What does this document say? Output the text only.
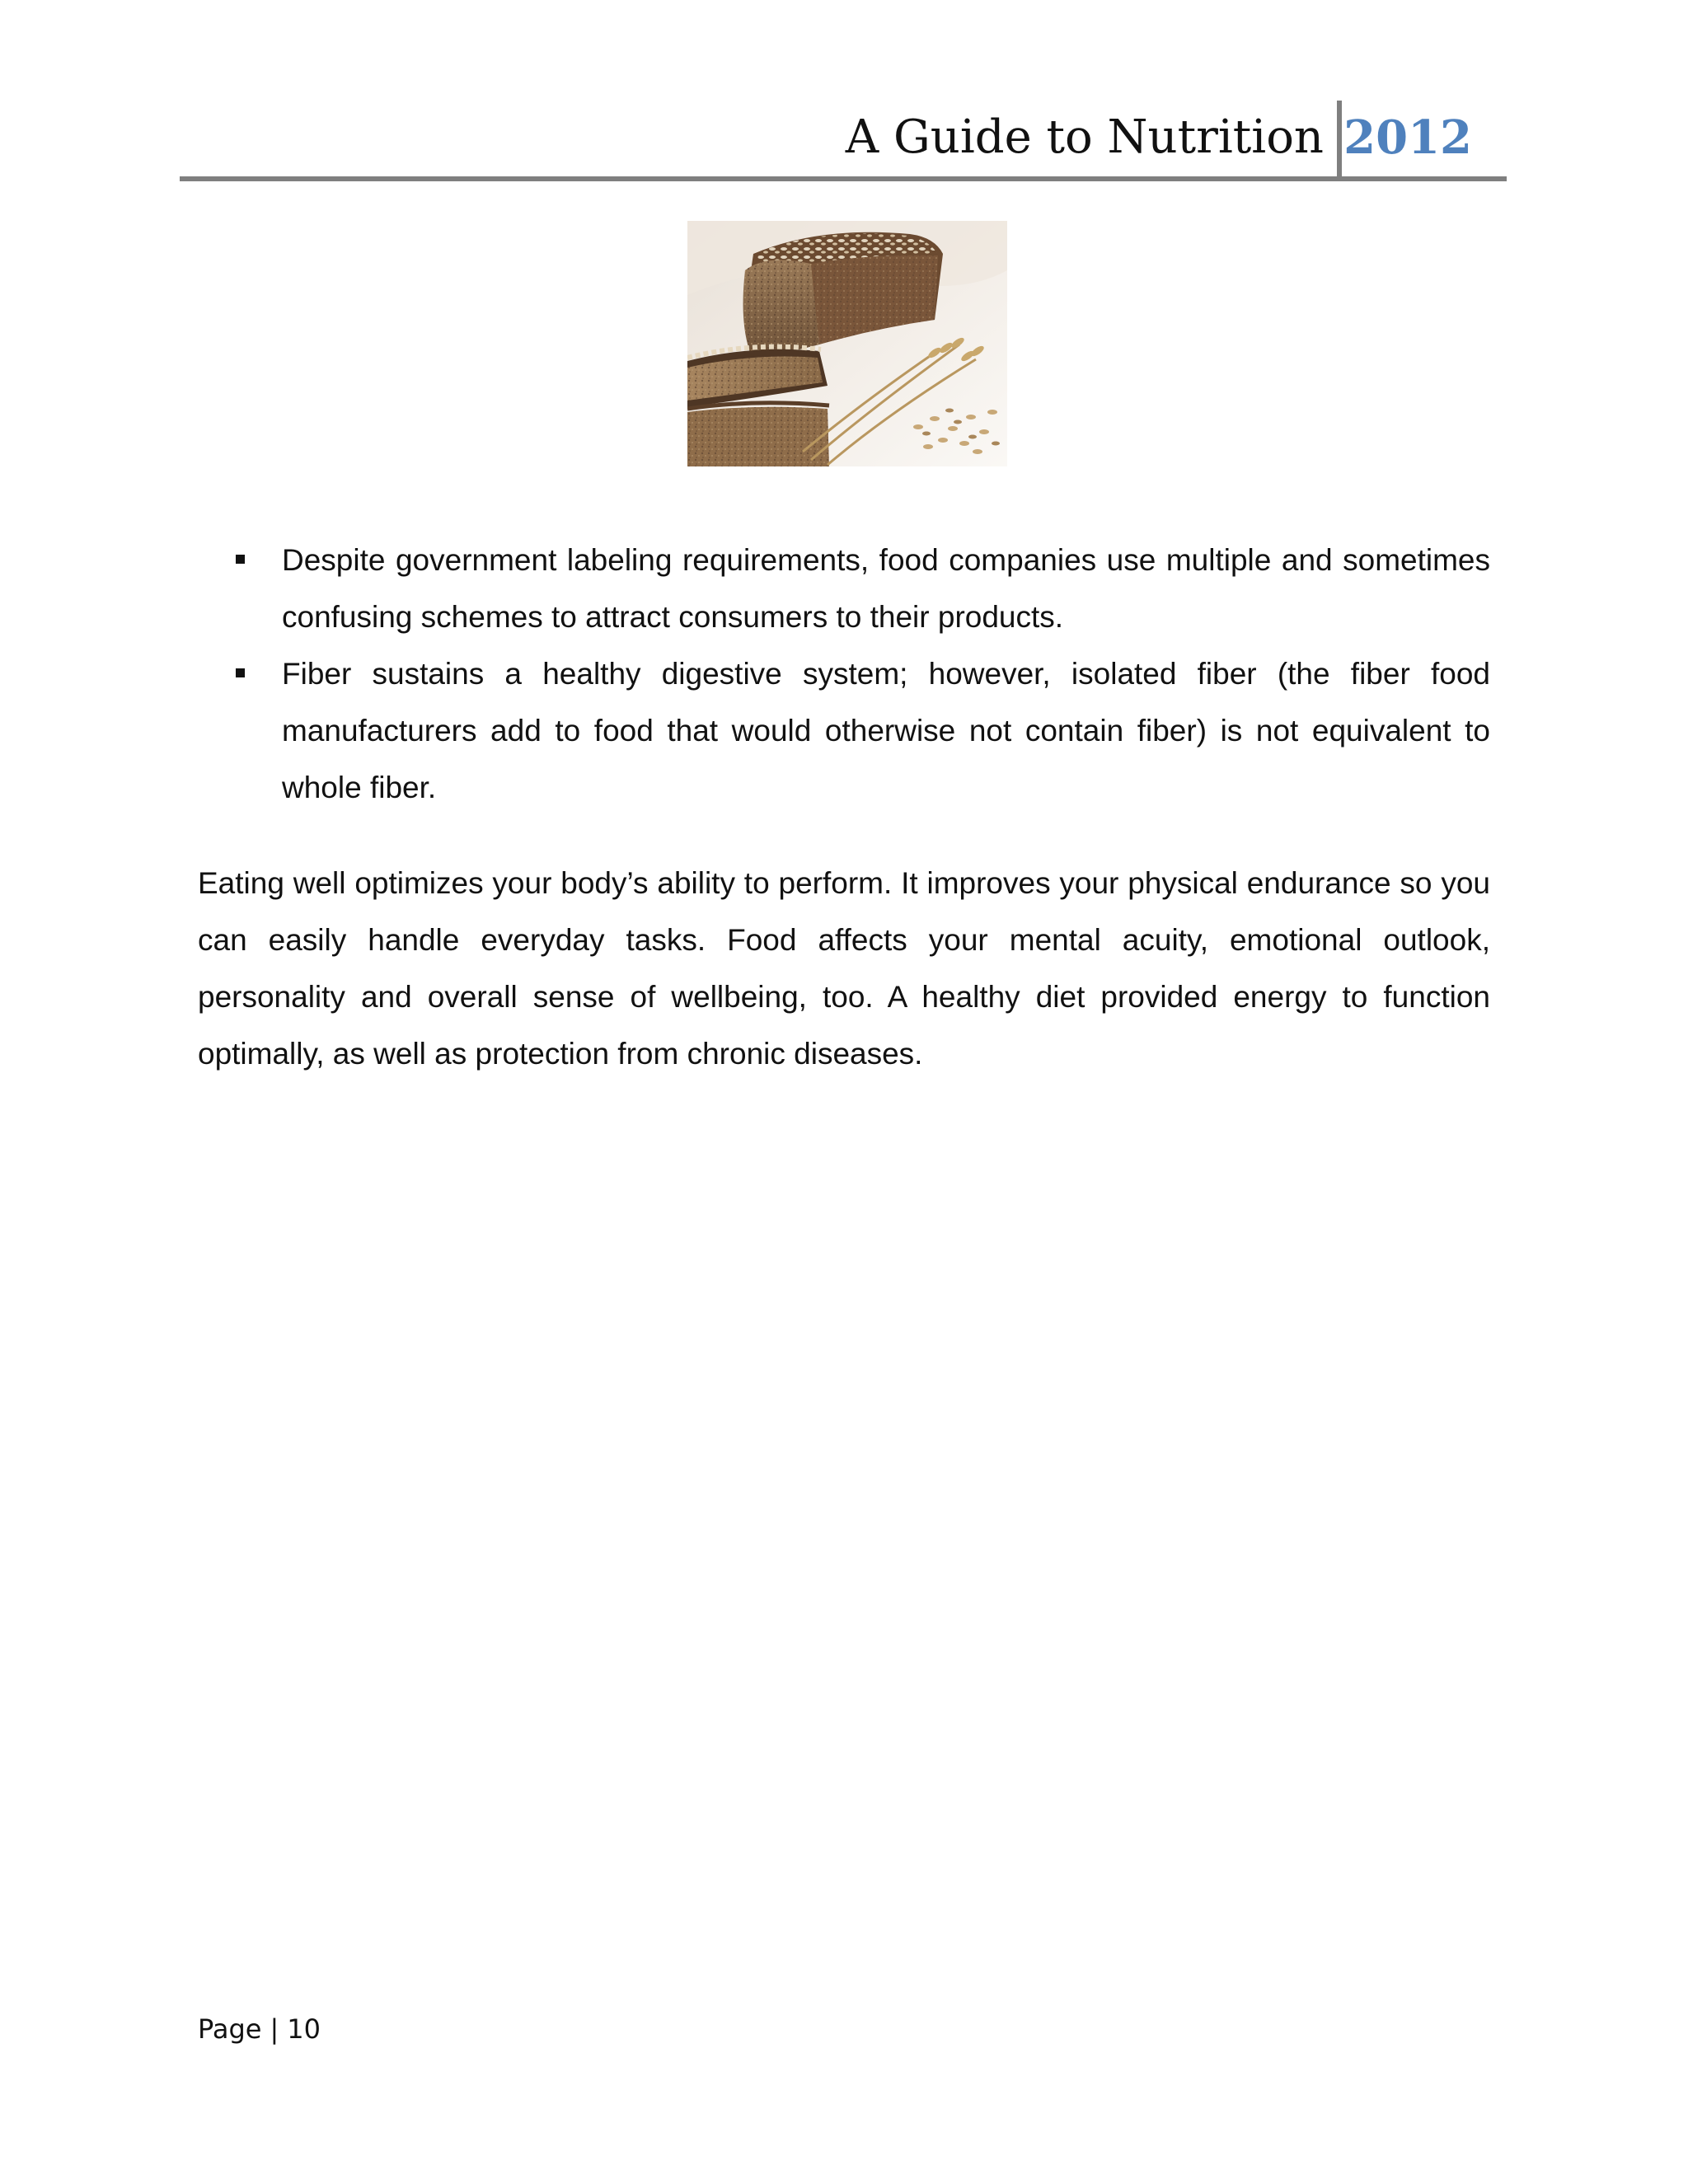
A Guide to Nutrition 2012
Despite government labeling requirements, food companies use multiple and sometimes confusing schemes to attract consumers to their products.
Fiber sustains a healthy digestive system; however, isolated fiber (the fiber food manufacturers add to food that would otherwise not contain fiber) is not equivalent to whole fiber.

Eating well optimizes your body’s ability to perform. It improves your physical endurance so you can easily handle everyday tasks. Food affects your mental acuity, emotional outlook, personality and overall sense of wellbeing, too. A healthy diet provided energy to function optimally, as well as protection from chronic diseases.

Page | 10
